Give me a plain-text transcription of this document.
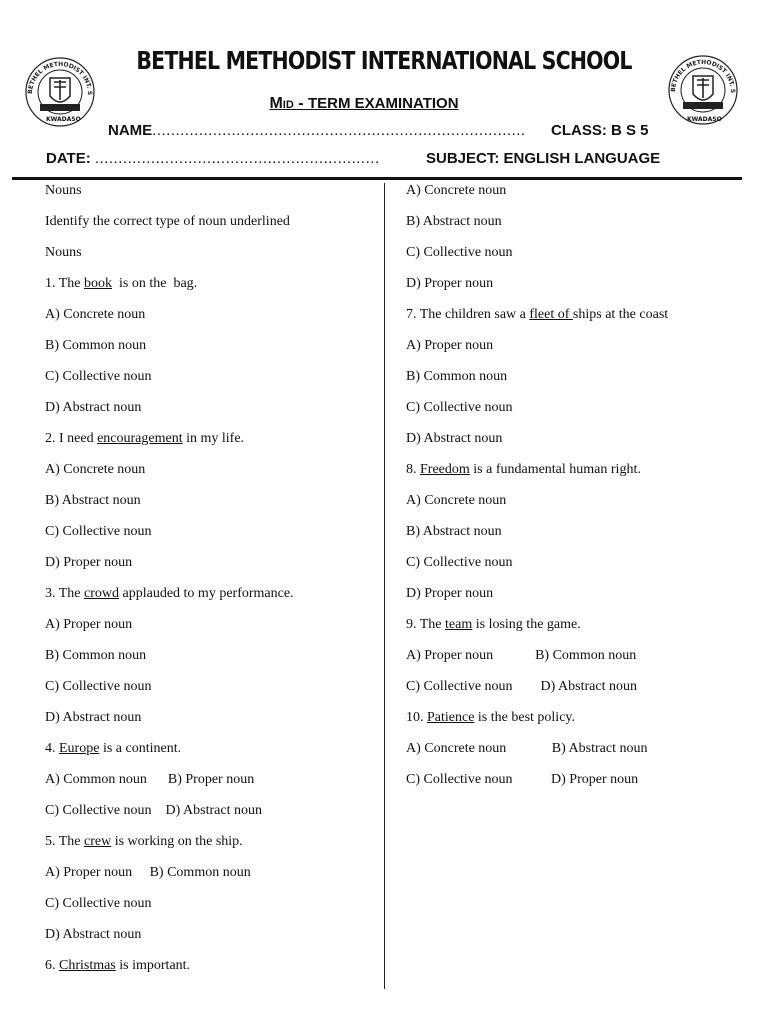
BETHEL METHODIST INT. S
KWADASO
BETHEL METHODIST INT. S
KWADASO
BETHEL METHODIST INTERNATIONAL SCHOOL
Mid - TERM EXAMINATION
NAME................................................................................ CLASS: B S 5
DATE: .............................................................	SUBJECT: ENGLISH LANGUAGE
Nouns
Identify the correct type of noun underlined
Nouns
1. The book  is on the  bag.
A) Concrete noun
B) Common noun
C) Collective noun
D) Abstract noun
2. I need encouragement in my life.
A) Concrete noun
B) Abstract noun
C) Collective noun
D) Proper noun
3. The crowd applauded to my performance.
A) Proper noun
B) Common noun
C) Collective noun
D) Abstract noun
4. Europe is a continent.
A) Common noun      B) Proper noun
C) Collective noun    D) Abstract noun
5. The crew is working on the ship.
A) Proper noun     B) Common noun
C) Collective noun
D) Abstract noun
6. Christmas is important.
A) Concrete noun
B) Abstract noun
C) Collective noun
D) Proper noun
7. The children saw a fleet of ships at the coast
A) Proper noun
B) Common noun
C) Collective noun
D) Abstract noun
8. Freedom is a fundamental human right.
A) Concrete noun
B) Abstract noun
C) Collective noun
D) Proper noun
9. The team is losing the game.
A) Proper noun            B) Common noun
C) Collective noun        D) Abstract noun
10. Patience is the best policy.
A) Concrete noun             B) Abstract noun
C) Collective noun           D) Proper noun
